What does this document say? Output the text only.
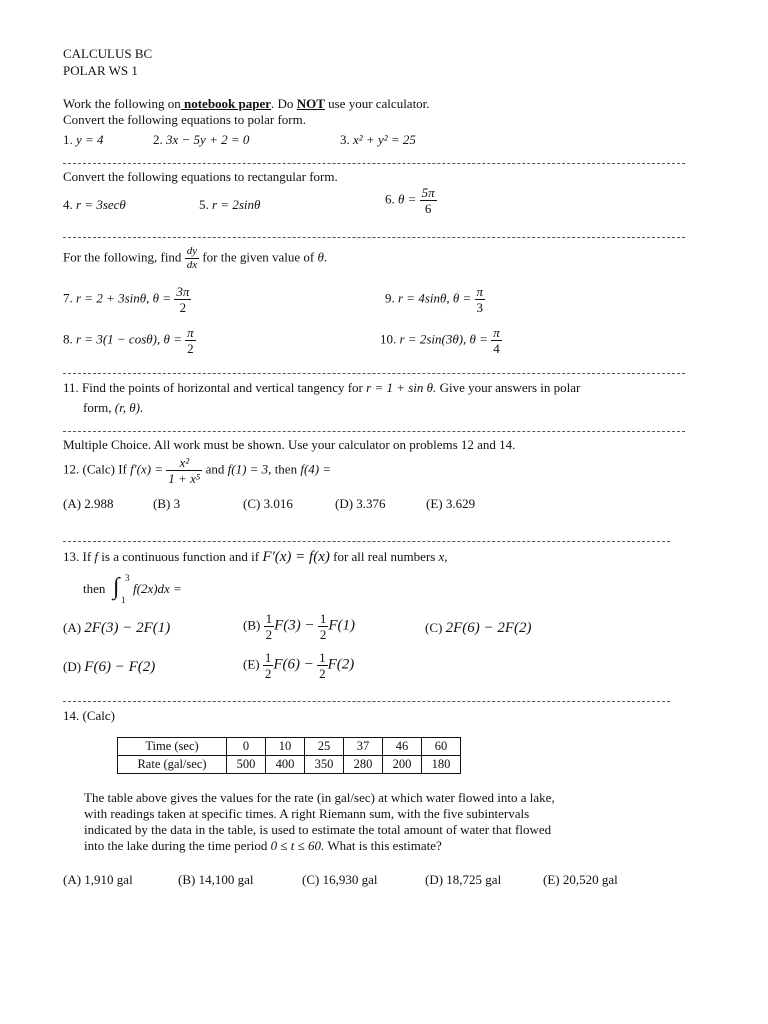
CALCULUS BC
POLAR WS 1
Work the following on notebook paper. Do NOT use your calculator.
Convert the following equations to polar form.
1. y = 4	2. 3x − 5y + 2 = 0	3. x² + y² = 25
Convert the following equations to rectangular form.
4. r = 3secθ	5. r = 2sinθ	6. $\theta = \frac{5\pi}{6}$
For the following, find $\frac{dy}{dx}$ for the given value of θ.
7. r = 2 + 3sinθ, $\theta = \frac{3\pi}{2}$	9. r = 4sinθ, $\theta = \frac{\pi}{3}$
8. r = 3(1 − cosθ), $\theta = \frac{\pi}{2}$	10. r = 2sin(3θ), $\theta = \frac{\pi}{4}$
11. Find the points of horizontal and vertical tangency for r = 1 + sin θ. Give your answers in polar
form, (r, θ).
Multiple Choice. All work must be shown. Use your calculator on problems 12 and 14.
12. (Calc) If $f'(x) = \frac{\text{x²}}{\text{1 + x⁵}}$ and f(1) = 3, then f(4) =
(A) 2.988	(B) 3	(C) 3.016	(D) 3.376	(E) 3.629
13. If f is a continuous function and if F′(x) = f(x) for all real numbers x,
then ∫ 3
1
f(2x)dx =
(A) 2F(3) − 2F(1)	$(B) \frac{1}{2} F(3) - \frac{1}{2} F(1)$	(C) 2F(6) − 2F(2)
(D) F(6) − F(2)	$(E) \frac{1}{2} F(6) - \frac{1}{2} F(2)$
14. (Calc)
Time (sec)	0	10	25	37	46	60
Rate (gal/sec)	500	400	350	280	200	180
The table above gives the values for the rate (in gal/sec) at which water flowed into a lake,
with readings taken at specific times. A right Riemann sum, with the five subintervals
indicated by the data in the table, is used to estimate the total amount of water that flowed
into the lake during the time period 0 ≤ t ≤ 60. What is this estimate?
(A) 1,910 gal	(B) 14,100 gal	(C) 16,930 gal	(D) 18,725 gal	(E) 20,520 gal
